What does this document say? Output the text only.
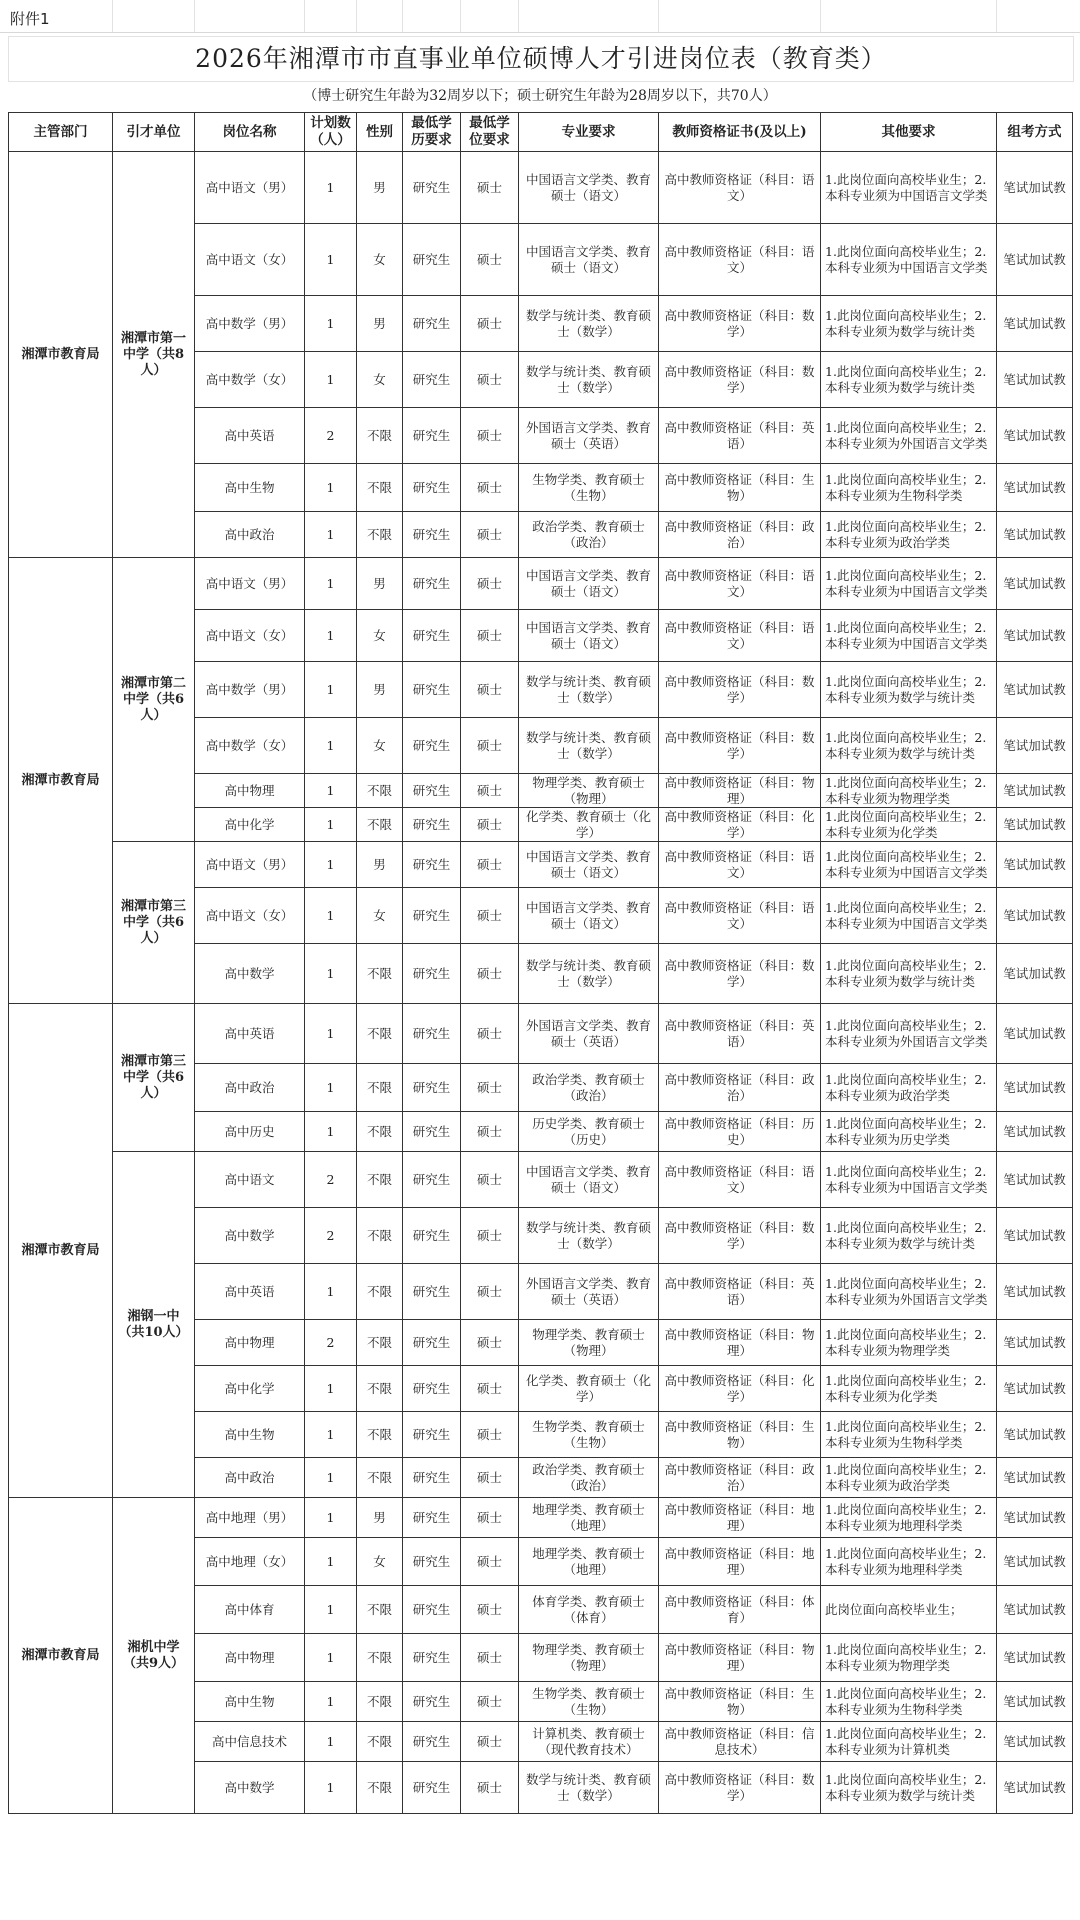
附件1
2026年湘潭市市直事业单位硕博人才引进岗位表（教育类）
（博士研究生年龄为32周岁以下；硕士研究生年龄为28周岁以下，共70人）
主管部门	引才单位	岗位名称	计划数（人）	性别	最低学历要求	最低学位要求	专业要求	教师资格证书(及以上)	其他要求	组考方式
湘潭市教育局	湘潭市第一中学（共8人）	高中语文（男）	1	男	研究生	硕士	中国语言文学类、教育硕士（语文）	高中教师资格证（科目：语文）	1.此岗位面向高校毕业生；2.本科专业须为中国语言文学类	笔试加试教
		高中语文（女）	1	女	研究生	硕士	中国语言文学类、教育硕士（语文）	高中教师资格证（科目：语文）	1.此岗位面向高校毕业生；2.本科专业须为中国语言文学类	笔试加试教
		高中数学（男）	1	男	研究生	硕士	数学与统计类、教育硕士（数学）	高中教师资格证（科目：数学）	1.此岗位面向高校毕业生；2.本科专业须为数学与统计类	笔试加试教
		高中数学（女）	1	女	研究生	硕士	数学与统计类、教育硕士（数学）	高中教师资格证（科目：数学）	1.此岗位面向高校毕业生；2.本科专业须为数学与统计类	笔试加试教
		高中英语	2	不限	研究生	硕士	外国语言文学类、教育硕士（英语）	高中教师资格证（科目：英语）	1.此岗位面向高校毕业生；2.本科专业须为外国语言文学类	笔试加试教
		高中生物	1	不限	研究生	硕士	生物学类、教育硕士（生物）	高中教师资格证（科目：生物）	1.此岗位面向高校毕业生；2.本科专业须为生物科学类	笔试加试教
		高中政治	1	不限	研究生	硕士	政治学类、教育硕士（政治）	高中教师资格证（科目：政治）	1.此岗位面向高校毕业生；2.本科专业须为政治学类	笔试加试教
湘潭市教育局	湘潭市第二中学（共6人）	高中语文（男）	1	男	研究生	硕士	中国语言文学类、教育硕士（语文）	高中教师资格证（科目：语文）	1.此岗位面向高校毕业生；2.本科专业须为中国语言文学类	笔试加试教
		高中语文（女）	1	女	研究生	硕士	中国语言文学类、教育硕士（语文）	高中教师资格证（科目：语文）	1.此岗位面向高校毕业生；2.本科专业须为中国语言文学类	笔试加试教
		高中数学（男）	1	男	研究生	硕士	数学与统计类、教育硕士（数学）	高中教师资格证（科目：数学）	1.此岗位面向高校毕业生；2.本科专业须为数学与统计类	笔试加试教
		高中数学（女）	1	女	研究生	硕士	数学与统计类、教育硕士（数学）	高中教师资格证（科目：数学）	1.此岗位面向高校毕业生；2.本科专业须为数学与统计类	笔试加试教
		高中物理	1	不限	研究生	硕士	物理学类、教育硕士（物理）	高中教师资格证（科目：物理）	1.此岗位面向高校毕业生；2.本科专业须为物理学类	笔试加试教
		高中化学	1	不限	研究生	硕士	化学类、教育硕士（化学）	高中教师资格证（科目：化学）	1.此岗位面向高校毕业生；2.本科专业须为化学类	笔试加试教
	湘潭市第三中学（共6人）	高中语文（男）	1	男	研究生	硕士	中国语言文学类、教育硕士（语文）	高中教师资格证（科目：语文）	1.此岗位面向高校毕业生；2.本科专业须为中国语言文学类	笔试加试教
		高中语文（女）	1	女	研究生	硕士	中国语言文学类、教育硕士（语文）	高中教师资格证（科目：语文）	1.此岗位面向高校毕业生；2.本科专业须为中国语言文学类	笔试加试教
		高中数学	1	不限	研究生	硕士	数学与统计类、教育硕士（数学）	高中教师资格证（科目：数学）	1.此岗位面向高校毕业生；2.本科专业须为数学与统计类	笔试加试教
湘潭市教育局	湘潭市第三中学（共6人）	高中英语	1	不限	研究生	硕士	外国语言文学类、教育硕士（英语）	高中教师资格证（科目：英语）	1.此岗位面向高校毕业生；2.本科专业须为外国语言文学类	笔试加试教
		高中政治	1	不限	研究生	硕士	政治学类、教育硕士（政治）	高中教师资格证（科目：政治）	1.此岗位面向高校毕业生；2.本科专业须为政治学类	笔试加试教
		高中历史	1	不限	研究生	硕士	历史学类、教育硕士（历史）	高中教师资格证（科目：历史）	1.此岗位面向高校毕业生；2.本科专业须为历史学类	笔试加试教
	湘钢一中（共10人）	高中语文	2	不限	研究生	硕士	中国语言文学类、教育硕士（语文）	高中教师资格证（科目：语文）	1.此岗位面向高校毕业生；2.本科专业须为中国语言文学类	笔试加试教
		高中数学	2	不限	研究生	硕士	数学与统计类、教育硕士（数学）	高中教师资格证（科目：数学）	1.此岗位面向高校毕业生；2.本科专业须为数学与统计类	笔试加试教
		高中英语	1	不限	研究生	硕士	外国语言文学类、教育硕士（英语）	高中教师资格证（科目：英语）	1.此岗位面向高校毕业生；2.本科专业须为外国语言文学类	笔试加试教
		高中物理	2	不限	研究生	硕士	物理学类、教育硕士（物理）	高中教师资格证（科目：物理）	1.此岗位面向高校毕业生；2.本科专业须为物理学类	笔试加试教
		高中化学	1	不限	研究生	硕士	化学类、教育硕士（化学）	高中教师资格证（科目：化学）	1.此岗位面向高校毕业生；2.本科专业须为化学类	笔试加试教
		高中生物	1	不限	研究生	硕士	生物学类、教育硕士（生物）	高中教师资格证（科目：生物）	1.此岗位面向高校毕业生；2.本科专业须为生物科学类	笔试加试教
		高中政治	1	不限	研究生	硕士	政治学类、教育硕士（政治）	高中教师资格证（科目：政治）	1.此岗位面向高校毕业生；2.本科专业须为政治学类	笔试加试教
湘潭市教育局	湘机中学（共9人）	高中地理（男）	1	男	研究生	硕士	地理学类、教育硕士（地理）	高中教师资格证（科目：地理）	1.此岗位面向高校毕业生；2.本科专业须为地理科学类	笔试加试教
		高中地理（女）	1	女	研究生	硕士	地理学类、教育硕士（地理）	高中教师资格证（科目：地理）	1.此岗位面向高校毕业生；2.本科专业须为地理科学类	笔试加试教
		高中体育	1	不限	研究生	硕士	体育学类、教育硕士（体育）	高中教师资格证（科目：体育）	此岗位面向高校毕业生；	笔试加试教
		高中物理	1	不限	研究生	硕士	物理学类、教育硕士（物理）	高中教师资格证（科目：物理）	1.此岗位面向高校毕业生；2.本科专业须为物理学类	笔试加试教
		高中生物	1	不限	研究生	硕士	生物学类、教育硕士（生物）	高中教师资格证（科目：生物）	1.此岗位面向高校毕业生；2.本科专业须为生物科学类	笔试加试教
		高中信息技术	1	不限	研究生	硕士	计算机类、教育硕士（现代教育技术）	高中教师资格证（科目：信息技术）	1.此岗位面向高校毕业生；2.本科专业须为计算机类	笔试加试教
		高中数学	1	不限	研究生	硕士	数学与统计类、教育硕士（数学）	高中教师资格证（科目：数学）	1.此岗位面向高校毕业生；2.本科专业须为数学与统计类	笔试加试教
